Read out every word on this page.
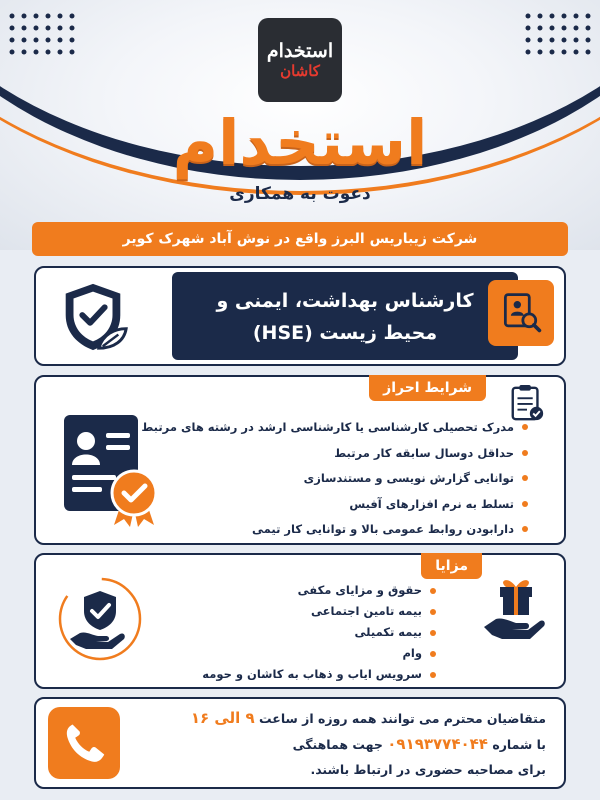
استخدام
کاشان
استخدام
دعوت به همکاری
شرکت زیباریس البرز واقع در نوش آباد شهرک کویر
کارشناس بهداشت، ایمنی و
محیط زیست (HSE)
شرایط احراز
مدرک تحصیلی کارشناسی یا کارشناسی ارشد در رشته های مرتبط
حداقل دوسال سابقه کار مرتبط
توانایی گزارش نویسی و مستندسازی
تسلط به نرم افزارهای آفیس
دارابودن روابط عمومی بالا و توانایی کار تیمی
مزایا
حقوق و مزایای مکفی
بیمه تامین اجتماعی
بیمه تکمیلی
وام
سرویس ایاب و ذهاب به کاشان و حومه
متقاضیان محترم می توانند همه روزه از ساعت ۹ الی ۱۶
با شماره ۰۹۱۹۳۷۷۴۰۴۴ جهت هماهنگی
برای مصاحبه حضوری در ارتباط باشند.
